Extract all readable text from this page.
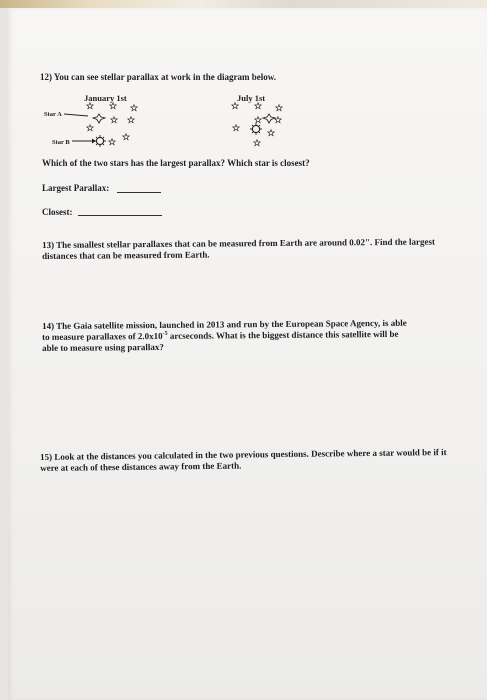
12) You can see stellar parallax at work in the diagram below.
January 1st
Star A
Star B
July 1st
Which of the two stars has the largest parallax? Which star is closest?
Largest Parallax:
Closest:
13) The smallest stellar parallaxes that can be measured from Earth are around 0.02". Find the largest distances that can be measured from Earth.
14) The Gaia satellite mission, launched in 2013 and run by the European Space Agency, is able
to measure parallaxes of $2.0x10^{-5}$ arcseconds. What is the biggest distance this satellite will be
able to measure using parallax?
15) Look at the distances you calculated in the two previous questions. Describe where a star would be if it were at each of these distances away from the Earth.
